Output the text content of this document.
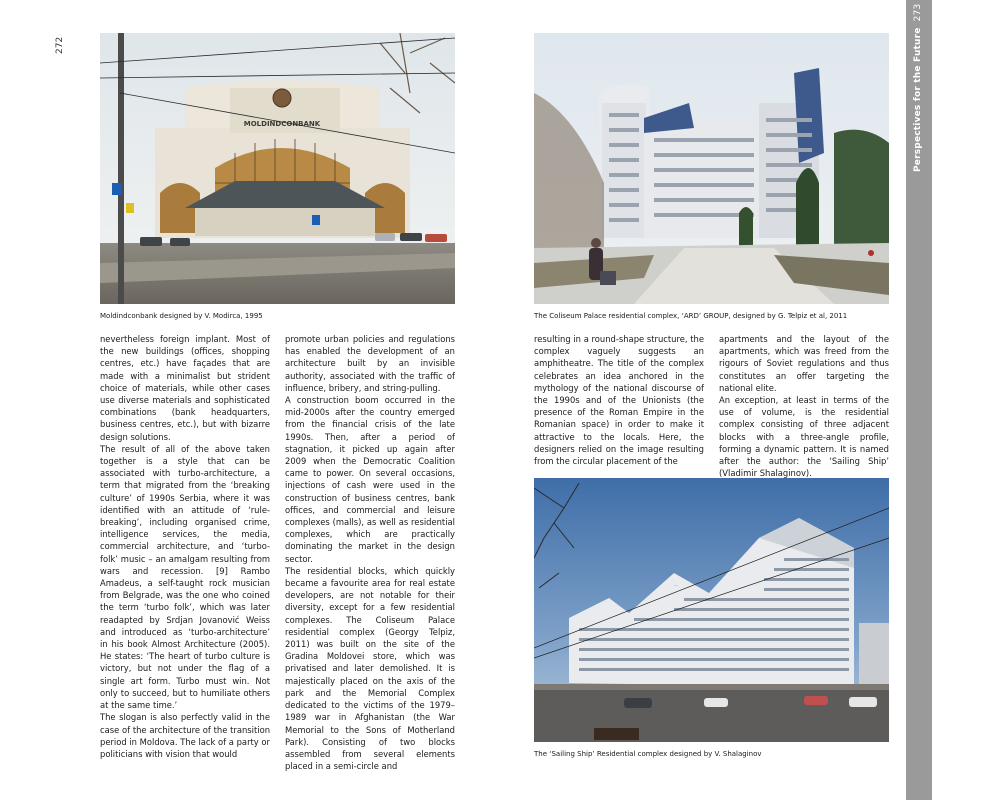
272	Perspectives for the Future273
MOLDINDCONBANK
Moldindconbank designed by V. Modirca, 1995	The Coliseum Palace residential complex, ‘ARD’ GROUP, designed by G. Telpiz et al, 2011
...
The ‘Sailing Ship’ Residential complex designed by V. Shalaginov

nevertheless foreign implant. Most of the new buildings (offices, shopping centres, etc.) have façades that are made with a minimalist but strident choice of materials, while other cases use diverse materials and sophisticated combinations (bank headquarters, business centres, etc.), but with bizarre design solutions.

The result of all of the above taken together is a style that can be associated with turbo-architecture, a term that migrated from the ‘breaking culture’ of 1990s Serbia, where it was identified with an attitude of ‘rule-breaking’, including organised crime, intelligence services, the media, commercial architecture, and ‘turbo-folk’ music – an amalgam resulting from wars and recession. [9] Rambo Amadeus, a self-taught rock musician from Belgrade, was the one who coined the term ‘turbo folk’, which was later readapted by Srdjan Jovanović Weiss and introduced as ‘turbo-architecture’ in his book Almost Architecture (2005). He states: ‘The heart of turbo culture is victory, but not under the flag of a single art form. Turbo must win. Not only to succeed, but to humiliate others at the same time.’

The slogan is also perfectly valid in the case of the architecture of the transition period in Moldova. The lack of a party or politicians with vision that would

promote urban policies and regulations has enabled the development of an architecture built by an invisible authority, associated with the traffic of influence, bribery, and string-pulling.

A construction boom occurred in the mid-2000s after the country emerged from the financial crisis of the late 1990s. Then, after a period of stagnation, it picked up again after 2009 when the Democratic Coalition came to power. On several occasions, injections of cash were used in the construction of business centres, bank offices, and commercial and leisure complexes (malls), as well as residential complexes, which are practically dominating the market in the design sector.

The residential blocks, which quickly became a favourite area for real estate developers, are not notable for their diversity, except for a few residential complexes. The Coliseum Palace residential complex (Georgy Telpiz, 2011) was built on the site of the Gradina Moldovei store, which was privatised and later demolished. It is majestically placed on the axis of the park and the Memorial Complex dedicated to the victims of the 1979–1989 war in Afghanistan (the War Memorial to the Sons of Motherland Park). Consisting of two blocks assembled from several elements placed in a semi-circle and

resulting in a round-shape structure, the complex vaguely suggests an amphitheatre. The title of the complex celebrates an idea anchored in the mythology of the national discourse of the 1990s and of the Unionists (the presence of the Roman Empire in the Romanian space) in order to make it attractive to the locals. Here, the designers relied on the image resulting from the circular placement of the

apartments and the layout of the apartments, which was freed from the rigours of Soviet regulations and thus constitutes an offer targeting the national elite.

An exception, at least in terms of the use of volume, is the residential complex consisting of three adjacent blocks with a three-angle profile, forming a dynamic pattern. It is named after the author: the ‘Sailing Ship’ (Vladimir Shalaginov).
